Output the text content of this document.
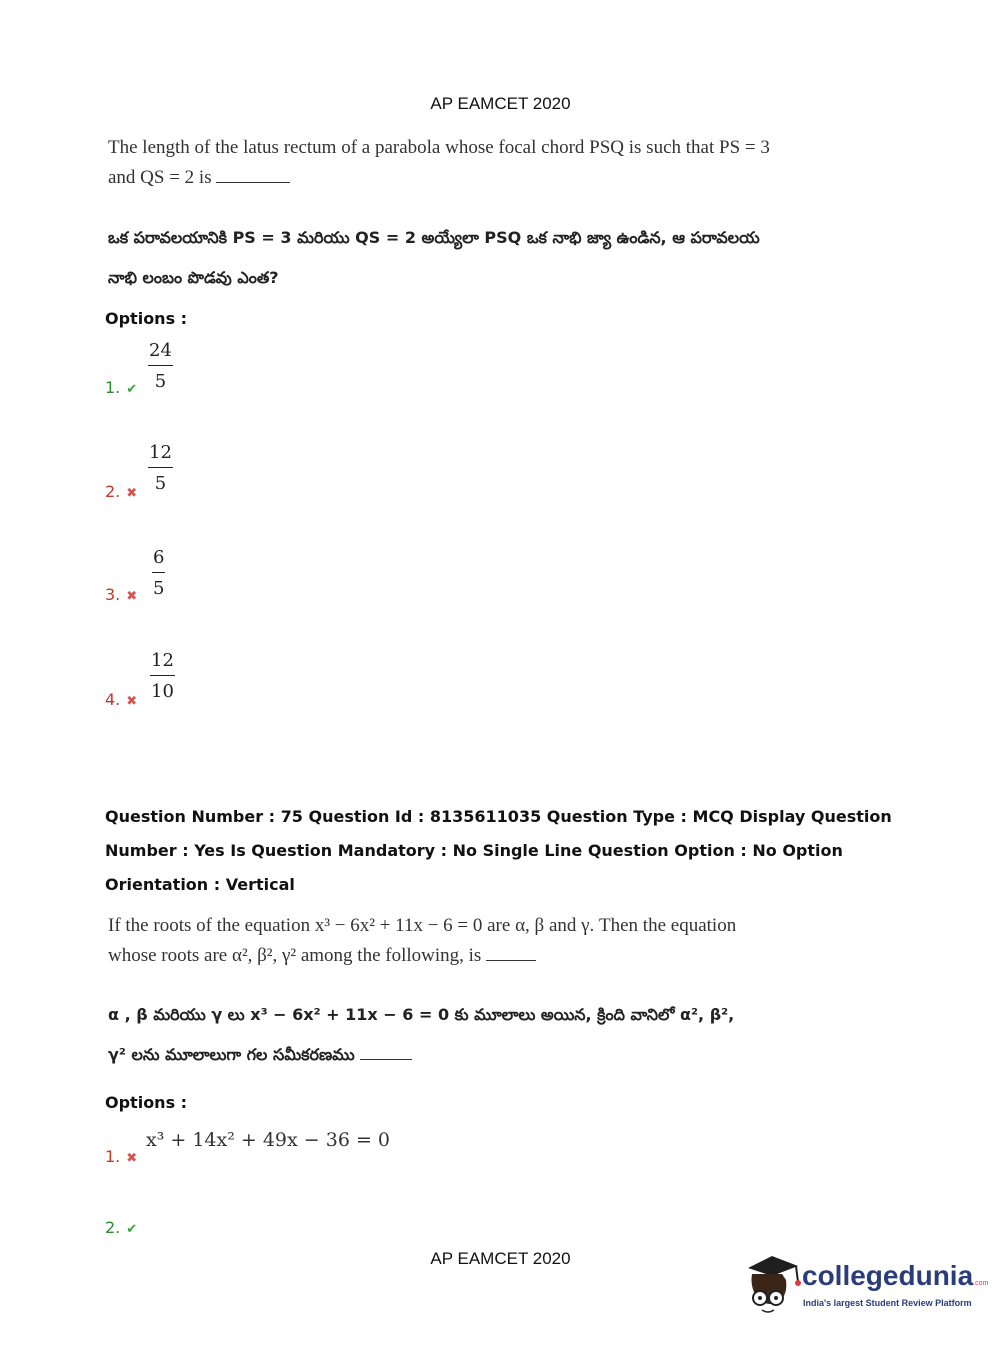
AP EAMCET 2020
The length of the latus rectum of a parabola whose focal chord PSQ is such that PS = 3
and QS = 2 is
ఒక పరావలయానికి PS = 3 మరియు QS = 2 అయ్యేలా PSQ ఒక నాభి జ్యా ఉండిన, ఆ పరావలయ
నాభి లంబం పొడవు ఎంత?
Options :
1. ✔ $\frac{24}{5}$
2. ✖ $\frac{12}{5}$
3. ✖ $\frac{6}{5}$
4. ✖ $\frac{12}{10}$
Question Number : 75 Question Id : 8135611035 Question Type : MCQ Display Question
Number : Yes Is Question Mandatory : No Single Line Question Option : No Option
Orientation : Vertical
If the roots of the equation x³ − 6x² + 11x − 6 = 0 are α, β and γ. Then the equation
whose roots are α², β², γ² among the following, is
α , β మరియు γ లు x³ − 6x² + 11x − 6 = 0 కు మూలాలు అయిన, క్రింది వానిలో α², β²,
γ² లను మూలాలుగా గల సమీకరణము
Options :
1. ✖
x³ + 14x² + 49x − 36 = 0
2. ✔
AP EAMCET 2020
collegedunia.com
India's largest Student Review Platform
